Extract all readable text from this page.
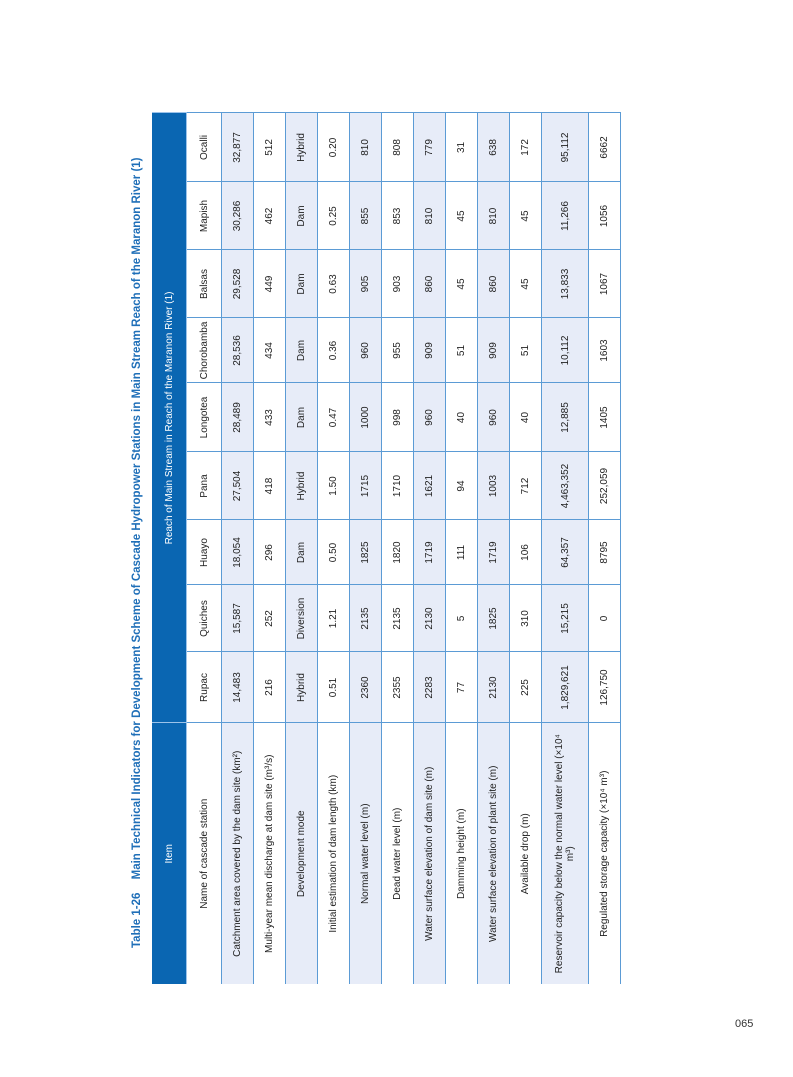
Table 1-26 Main Technical Indicators for Development Scheme of Cascade Hydropower Stations in Main Stream Reach of the Maranon River (1)	Item	Reach of Main Stream in Reach of the Maranon River (1)								
Name of cascade station	Rupac	Quiches	Huayo	Pana	Longotea	Chorobamba	Balsas	Mapish	Ocalli
Catchment area covered by the dam site (km²)	14,483	15,587	18,054	27,504	28,489	28,536	29,528	30,286	32,877
Multi-year mean discharge at dam site (m³/s)	216	252	296	418	433	434	449	462	512
Development mode	Hybrid	Diversion	Dam	Hybrid	Dam	Dam	Dam	Dam	Hybrid
Initial estimation of dam length (km)	0.51	1.21	0.50	1.50	0.47	0.36	0.63	0.25	0.20
Normal water level (m)	2360	2135	1825	1715	1000	960	905	855	810
Dead water level (m)	2355	2135	1820	1710	998	955	903	853	808
Water surface elevation of dam site (m)	2283	2130	1719	1621	960	909	860	810	779
Damming height (m)	77	5	111	94	40	51	45	45	31
Water surface elevation of plant site (m)	2130	1825	1719	1003	960	909	860	810	638
Available drop (m)	225	310	106	712	40	51	45	45	172
Reservoir capacity below the normal water level (×10⁴ m³)	1,829,621	15,215	64,357	4,463,352	12,885	10,112	13,833	11,266	95,112
Regulated storage capacity (×10⁴ m³)	126,750	0	8795	252,059	1405	1603	1067	1056	6662
065
